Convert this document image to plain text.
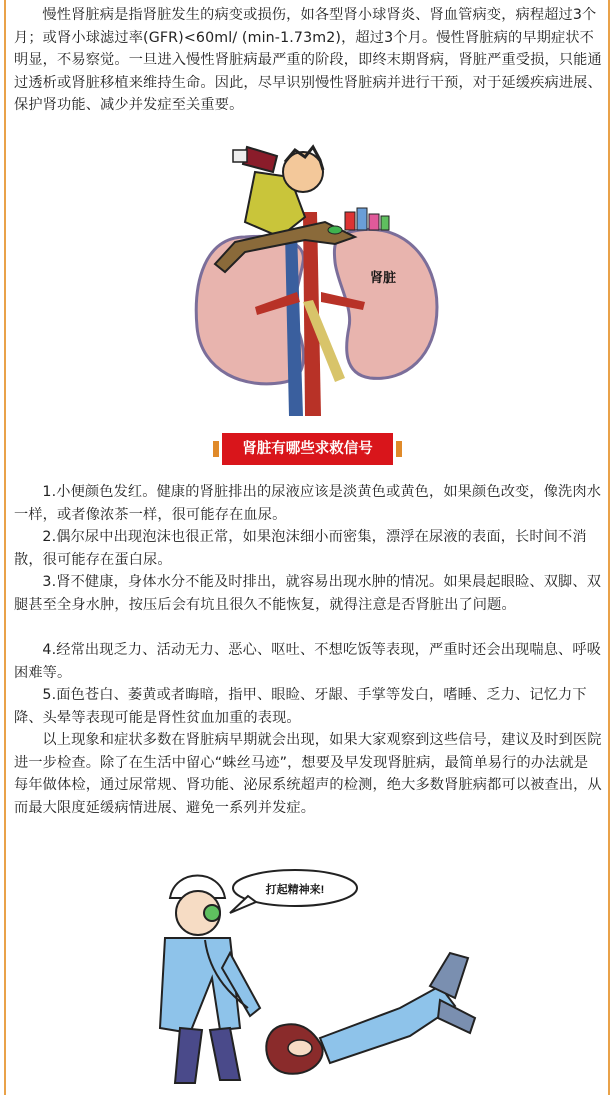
慢性肾脏病是指肾脏发生的病变或损伤，如各型肾小球肾炎、肾血管病变，病程超过3个月；或肾小球滤过率(GFR)<60ml/ (min-1.73m2)，超过3个月。慢性肾脏病的早期症状不明显，不易察觉。一旦进入慢性肾脏病最严重的阶段，即终末期肾病，肾脏严重受损，只能通过透析或肾脏移植来维持生命。因此，尽早识别慢性肾脏病并进行干预，对于延缓疾病进展、保护肾功能、减少并发症至关重要。

肾脏
肾脏有哪些求救信号

1.小便颜色发红。健康的肾脏排出的尿液应该是淡黄色或黄色，如果颜色改变，像洗肉水一样，或者像浓茶一样，很可能存在血尿。

2.偶尔尿中出现泡沫也很正常，如果泡沫细小而密集，漂浮在尿液的表面，长时间不消散，很可能存在蛋白尿。

3.肾不健康，身体水分不能及时排出，就容易出现水肿的情况。如果晨起眼睑、双脚、双腿甚至全身水肿，按压后会有坑且很久不能恢复，就得注意是否肾脏出了问题。

4.经常出现乏力、活动无力、恶心、呕吐、不想吃饭等表现，严重时还会出现喘息、呼吸困难等。

5.面色苍白、萎黄或者晦暗，指甲、眼睑、牙龈、手掌等发白，嗜睡、乏力、记忆力下降、头晕等表现可能是肾性贫血加重的表现。

以上现象和症状多数在肾脏病早期就会出现，如果大家观察到这些信号，建议及时到医院进一步检查。除了在生活中留心“蛛丝马迹”，想要及早发现肾脏病，最简单易行的办法就是每年做体检，通过尿常规、肾功能、泌尿系统超声的检测，绝大多数肾脏病都可以被查出，从而最大限度延缓病情进展、避免一系列并发症。

打起精神来!
